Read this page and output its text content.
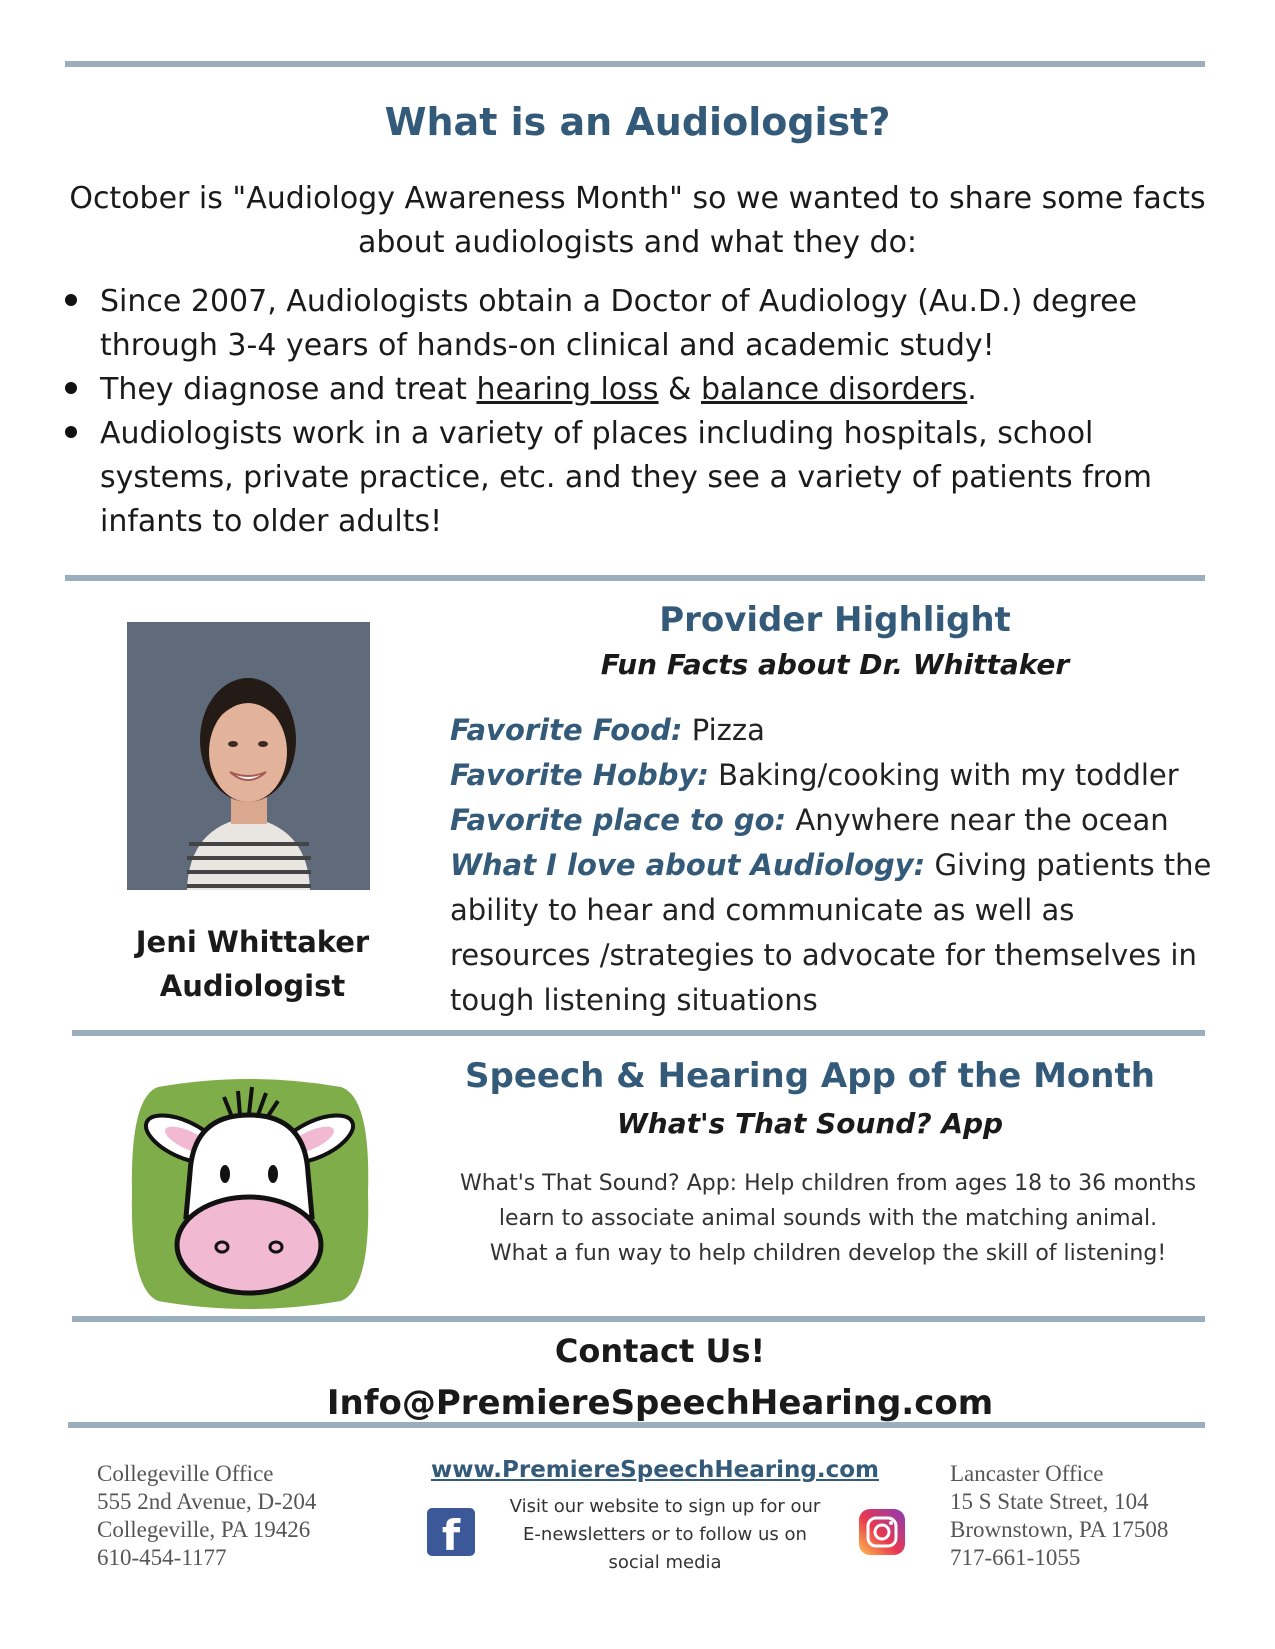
What is an Audiologist?
October is "Audiology Awareness Month" so we wanted to share some facts about audiologists and what they do:
Since 2007, Audiologists obtain a Doctor of Audiology (Au.D.) degree through 3-4 years of hands-on clinical and academic study!
They diagnose and treat hearing loss & balance disorders.
Audiologists work in a variety of places including hospitals, school systems, private practice, etc. and they see a variety of patients from infants to older adults!
Jeni Whittaker
Audiologist
Provider Highlight
Fun Facts about Dr. Whittaker
Favorite Food: Pizza
Favorite Hobby: Baking/cooking with my toddler
Favorite place to go: Anywhere near the ocean
What I love about Audiology: Giving patients the ability to hear and communicate as well as resources /strategies to advocate for themselves in tough listening situations
Speech & Hearing App of the Month
What's That Sound? App
What's That Sound? App: Help children from ages 18 to 36 months
learn to associate animal sounds with the matching animal.
What a fun way to help children develop the skill of listening!
Contact Us!
Info@PremiereSpeechHearing.com
Collegeville Office
555 2nd Avenue, D-204
Collegeville, PA 19426
610-454-1177
www.PremiereSpeechHearing.com
f
Visit our website to sign up for our E-newsletters or to follow us on social media
Lancaster Office
15 S State Street, 104
Brownstown, PA 17508
717-661-1055
